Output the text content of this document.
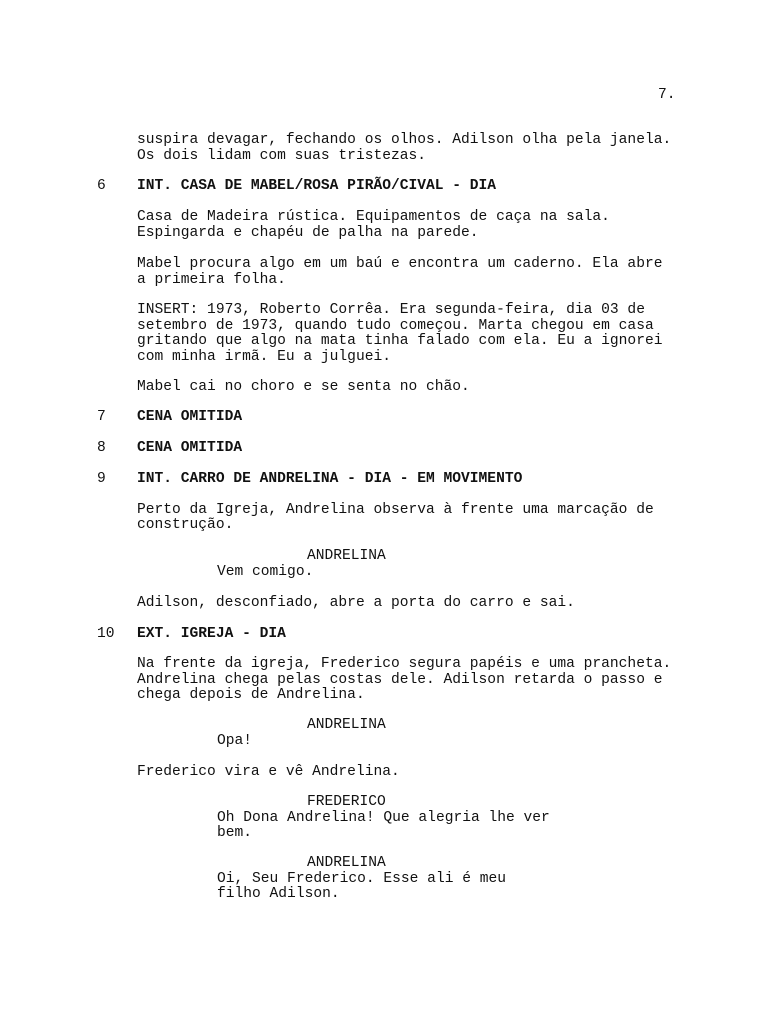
7.
suspira devagar, fechando os olhos. Adilson olha pela janela.
Os dois lidam com suas tristezas.
6 INT. CASA DE MABEL/ROSA PIRÃO/CIVAL - DIA
Casa de Madeira rústica. Equipamentos de caça na sala.
Espingarda e chapéu de palha na parede.
Mabel procura algo em um baú e encontra um caderno. Ela abre
a primeira folha.
INSERT: 1973, Roberto Corrêa. Era segunda-feira, dia 03 de
setembro de 1973, quando tudo começou. Marta chegou em casa
gritando que algo na mata tinha falado com ela. Eu a ignorei
com minha irmã. Eu a julguei.
Mabel cai no choro e se senta no chão.
7 CENA OMITIDA
8 CENA OMITIDA
9 INT. CARRO DE ANDRELINA - DIA - EM MOVIMENTO
Perto da Igreja, Andrelina observa à frente uma marcação de
construção.
ANDRELINA
Vem comigo.
Adilson, desconfiado, abre a porta do carro e sai.
10 EXT. IGREJA - DIA
Na frente da igreja, Frederico segura papéis e uma prancheta.
Andrelina chega pelas costas dele. Adilson retarda o passo e
chega depois de Andrelina.
ANDRELINA
Opa!
Frederico vira e vê Andrelina.
FREDERICO
Oh Dona Andrelina! Que alegria lhe ver
bem.
ANDRELINA
Oi, Seu Frederico. Esse ali é meu
filho Adilson.
